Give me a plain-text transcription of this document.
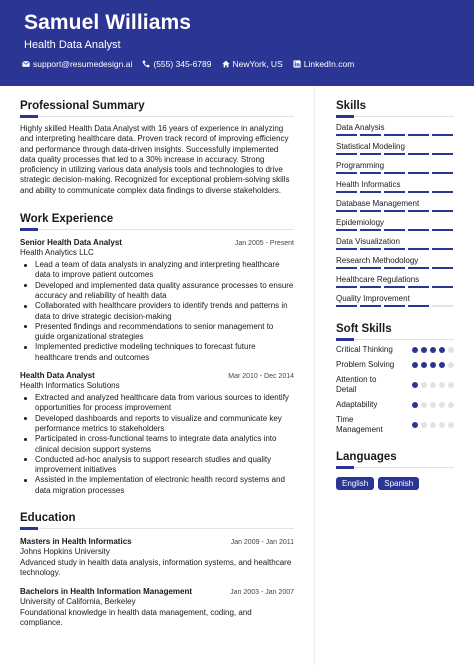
Samuel Williams
Health Data Analyst
support@resumedesign.ai (555) 345-6789 NewYork, US LinkedIn.com
Professional Summary
Highly skilled Health Data Analyst with 16 years of experience in analyzing and interpreting healthcare data. Proven track record of improving efficiency and performance through data-driven insights. Successfully implemented data quality processes that led to a 30% increase in accuracy. Strong proficiency in utilizing various data analysis tools and technologies to drive strategic decision-making. Recognized for exceptional problem-solving skills and ability to communicate complex data findings to diverse stakeholders.
Work Experience
Senior Health Data Analyst	Jan 2005 - Present
Health Analytics LLC
Lead a team of data analysts in analyzing and interpreting healthcare data to improve patient outcomes
Developed and implemented data quality assurance processes to ensure accuracy and reliability of health data
Collaborated with healthcare providers to identify trends and patterns in data to drive strategic decision-making
Presented findings and recommendations to senior management to guide organizational strategies
Implemented predictive modeling techniques to forecast future healthcare trends and outcomes
Health Data Analyst	Mar 2010 - Dec 2014
Health Informatics Solutions
Extracted and analyzed healthcare data from various sources to identify opportunities for process improvement
Developed dashboards and reports to visualize and communicate key performance metrics to stakeholders
Participated in cross-functional teams to integrate data analytics into clinical decision support systems
Conducted ad-hoc analysis to support research studies and quality improvement initiatives
Assisted in the implementation of electronic health record systems and data migration processes
Education
Masters in Health Informatics	Jan 2009 - Jan 2011
Johns Hopkins University
Advanced study in health data analysis, information systems, and healthcare technology.
Bachelors in Health Information Management	Jan 2003 - Jan 2007
University of California, Berkeley
Foundational knowledge in health data management, coding, and compliance.
Skills
Data Analysis
Statistical Modeling
Programming
Health Informatics
Database Management
Epidemiology
Data Visualization
Research Methodology
Healthcare Regulations
Quality Improvement
Soft Skills
Critical Thinking
Problem Solving
Attention to Detail
Adaptability
Time Management
Languages
English	Spanish
